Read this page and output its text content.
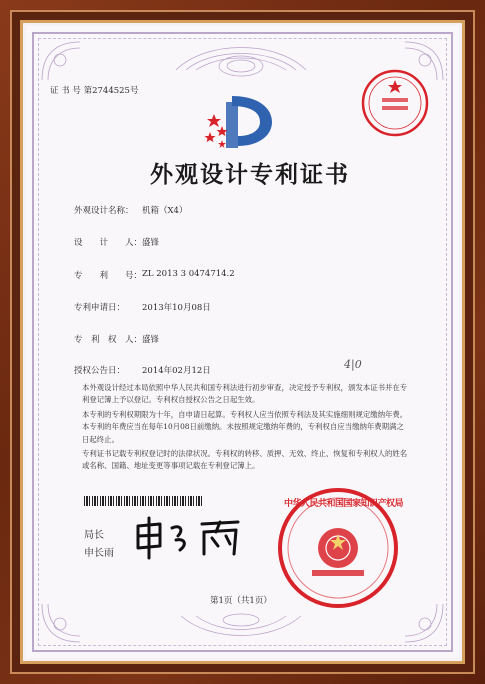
证 书 号 第2744525号
外观设计专利证书
外观设计名称： 机箱（X4）
设　　计　　人： 盛锋
专　　利　　号： ZL 2013 3 0474714.2
专利申请日： 2013年10月08日
专　利　权　人： 盛锋
授权公告日： 2014年02月12日	4|0
本外观设计经过本局依照中华人民共和国专利法进行初步审查，决定授予专利权，颁发本证书并在专利登记簿上予以登记。专利权自授权公告之日起生效。
本专利的专利权期限为十年，自申请日起算。专利权人应当依照专利法及其实施细则规定缴纳年费。本专利的年费应当在每年10月08日前缴纳。未按照规定缴纳年费的，专利权自应当缴纳年费期满之日起终止。
专利证书记载专利权登记时的法律状况。专利权的转移、质押、无效、终止、恢复和专利权人的姓名或名称、国籍、地址变更等事项记载在专利登记簿上。
局长
申长雨
中华人民共和国国家知识产权局
第1页（共1页）
